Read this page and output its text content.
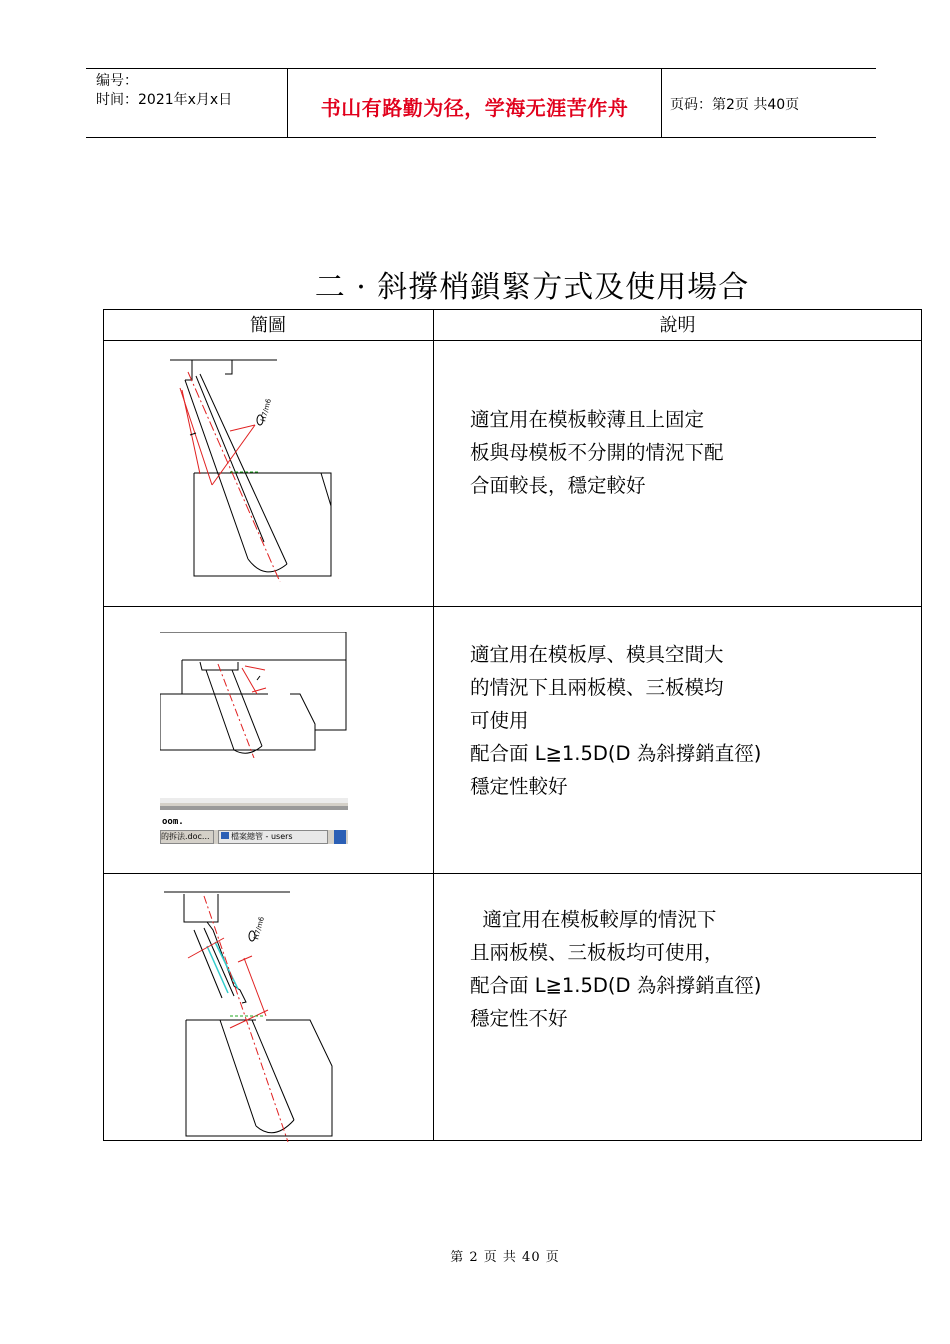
编号：
时间：2021年x月x日	书山有路勤为径，学海无涯苦作舟	页码：第2页 共40页
二 · 斜撐梢鎖緊方式及使用場合
簡圖	說明
適宜用在模板較薄且上固定
板與母模板不分開的情況下配
合面較長，穩定較好
適宜用在模板厚、模具空間大
的情況下且兩板模、三板模均
可使用
配合面 L≧1.5D(D 為斜撐銷直徑)
穩定性較好
適宜用在模板較厚的情況下
且兩板模、三板板均可使用，
配合面 L≧1.5D(D 為斜撐銷直徑)
穩定性不好
H7/m6
oom.
的拆法.doc...	檔案總管 - users
H7/m6
第 2 页 共 40 页
